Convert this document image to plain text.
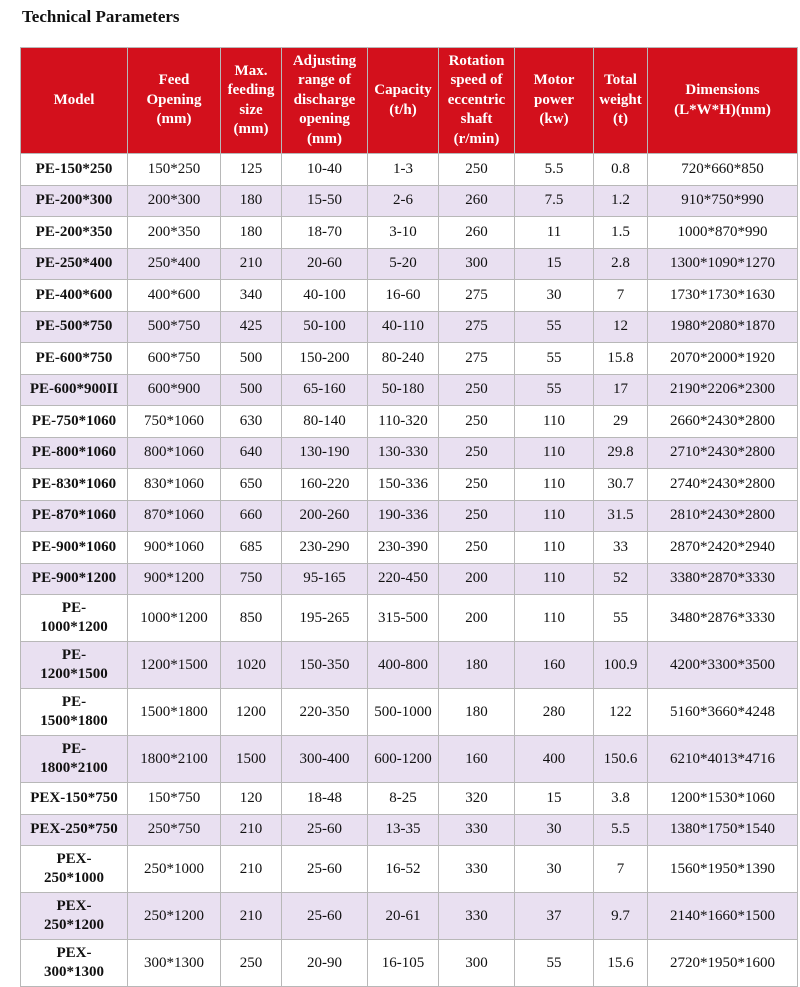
Technical Parameters
Model	Feed
Opening
(mm)	Max.
feeding
size
(mm)	Adjusting
range of
discharge
opening
(mm)	Capacity
(t/h)	Rotation
speed of
eccentric
shaft
(r/min)	Motor
power
(kw)	Total
weight
(t)	Dimensions
(L*W*H)(mm)
PE-150*250	150*250	125	10-40	1-3	250	5.5	0.8	720*660*850
PE-200*300	200*300	180	15-50	2-6	260	7.5	1.2	910*750*990
PE-200*350	200*350	180	18-70	3-10	260	11	1.5	1000*870*990
PE-250*400	250*400	210	20-60	5-20	300	15	2.8	1300*1090*1270
PE-400*600	400*600	340	40-100	16-60	275	30	7	1730*1730*1630
PE-500*750	500*750	425	50-100	40-110	275	55	12	1980*2080*1870
PE-600*750	600*750	500	150-200	80-240	275	55	15.8	2070*2000*1920
PE-600*900II	600*900	500	65-160	50-180	250	55	17	2190*2206*2300
PE-750*1060	750*1060	630	80-140	110-320	250	110	29	2660*2430*2800
PE-800*1060	800*1060	640	130-190	130-330	250	110	29.8	2710*2430*2800
PE-830*1060	830*1060	650	160-220	150-336	250	110	30.7	2740*2430*2800
PE-870*1060	870*1060	660	200-260	190-336	250	110	31.5	2810*2430*2800
PE-900*1060	900*1060	685	230-290	230-390	250	110	33	2870*2420*2940
PE-900*1200	900*1200	750	95-165	220-450	200	110	52	3380*2870*3330
PE-
1000*1200	1000*1200	850	195-265	315-500	200	110	55	3480*2876*3330
PE-
1200*1500	1200*1500	1020	150-350	400-800	180	160	100.9	4200*3300*3500
PE-
1500*1800	1500*1800	1200	220-350	500-1000	180	280	122	5160*3660*4248
PE-
1800*2100	1800*2100	1500	300-400	600-1200	160	400	150.6	6210*4013*4716
PEX-150*750	150*750	120	18-48	8-25	320	15	3.8	1200*1530*1060
PEX-250*750	250*750	210	25-60	13-35	330	30	5.5	1380*1750*1540
PEX-
250*1000	250*1000	210	25-60	16-52	330	30	7	1560*1950*1390
PEX-
250*1200	250*1200	210	25-60	20-61	330	37	9.7	2140*1660*1500
PEX-
300*1300	300*1300	250	20-90	16-105	300	55	15.6	2720*1950*1600
